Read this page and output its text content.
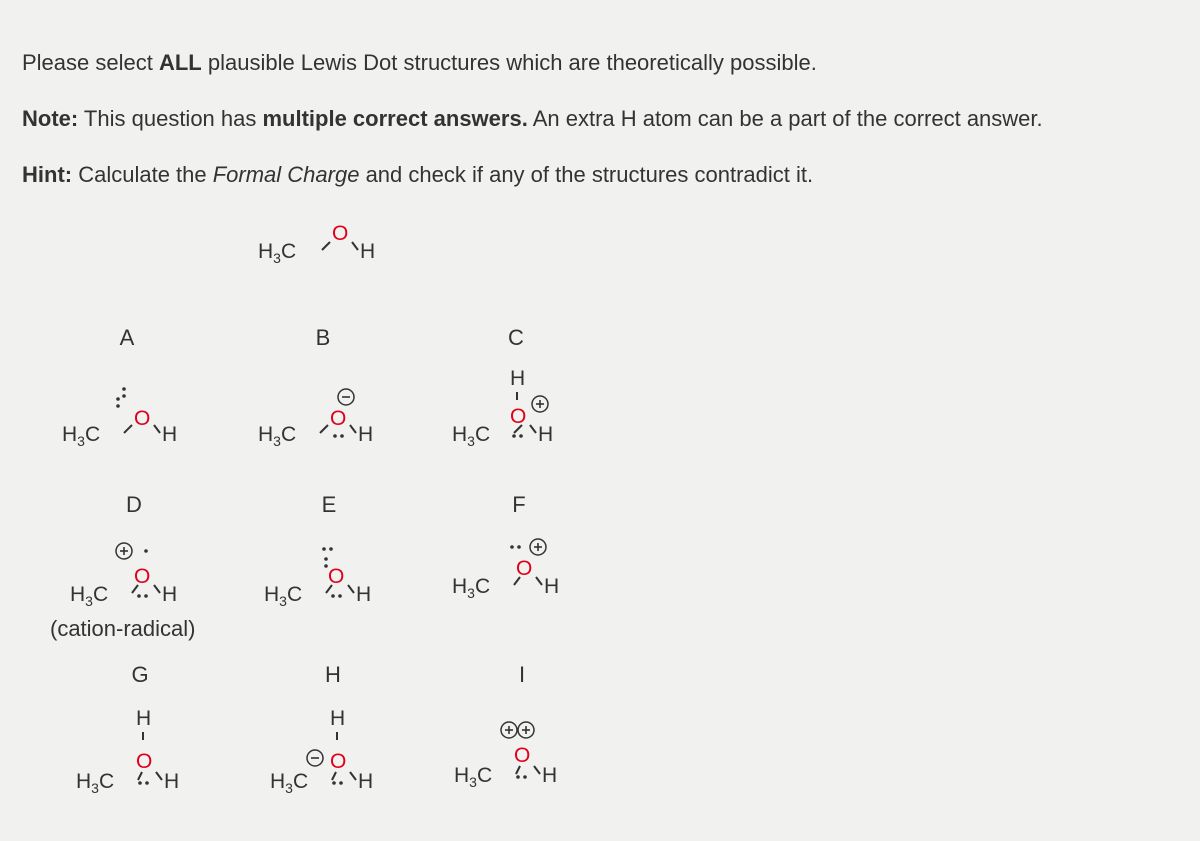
Please select ALL plausible Lewis Dot structures which are theoretically possible.
Note: This question has multiple correct answers. An extra H atom can be a part of the correct answer.
Hint: Calculate the Formal Charge and check if any of the structures contradict it.
$H_3C$
O
H
A	B	C
D	E	F
G	H	I
$H_3C$
O
H	$H_3C$
O
H
H
$H_3C$
O
H
$H_3C$
O
H
(cation-radical)
$H_3C$
O
H	$H_3C$
O
H
H
$H_3C$
O
H
H
$H_3C$
O
H	$H_3C$
O
H
